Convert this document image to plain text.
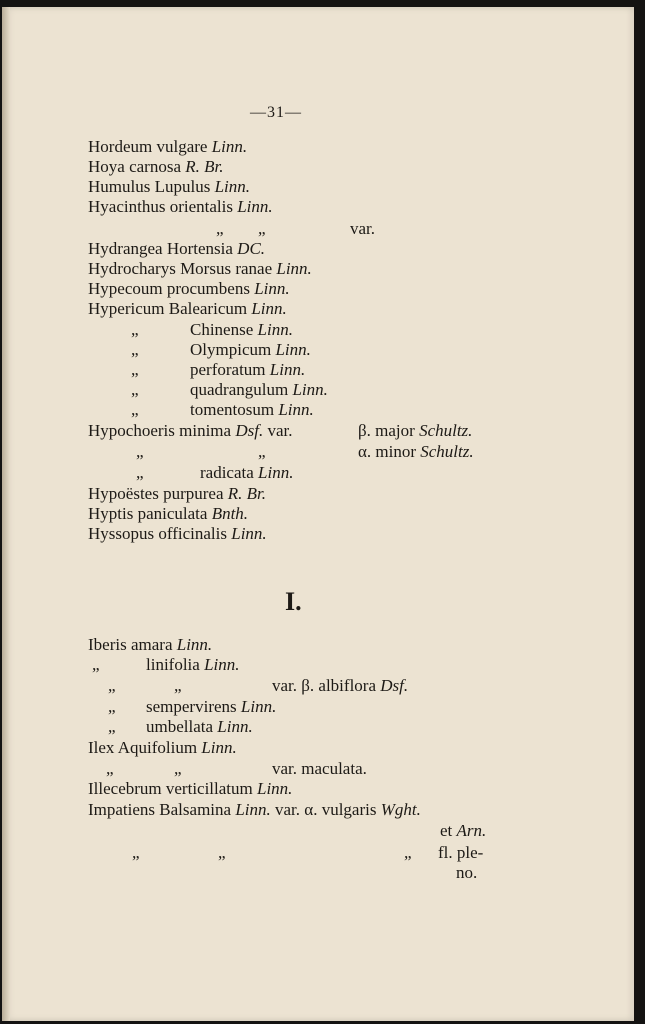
—31—
Hordeum vulgare Linn.
Hoya carnosa R. Br.
Humulus Lupulus Linn.
Hyacinthus orientalis Linn.
„ „	var.
Hydrangea Hortensia DC.
Hydrocharys Morsus ranae Linn.
Hypecoum procumbens Linn.
Hypericum Balearicum Linn.
„	Chinense Linn.
„	Olympicum Linn.
„	perforatum Linn.
„	quadrangulum Linn.
„	tomentosum Linn.
Hypochoeris minima Dsf. var.	β. major Schultz.
„	„	α. minor Schultz.
„	radicata Linn.
Hypoëstes purpurea R. Br.
Hyptis paniculata Bnth.
Hyssopus officinalis Linn.
I.
Iberis amara Linn.
„	linifolia Linn.
„	„	var. β. albiflora Dsf.
„ sempervirens Linn.
„ umbellata Linn.
Ilex Aquifolium Linn.
„	„	var. maculata.
Illecebrum verticillatum Linn.
Impatiens Balsamina Linn. var. α. vulgaris Wght.
et Arn.
„	„	„ fl. ple-
no.
